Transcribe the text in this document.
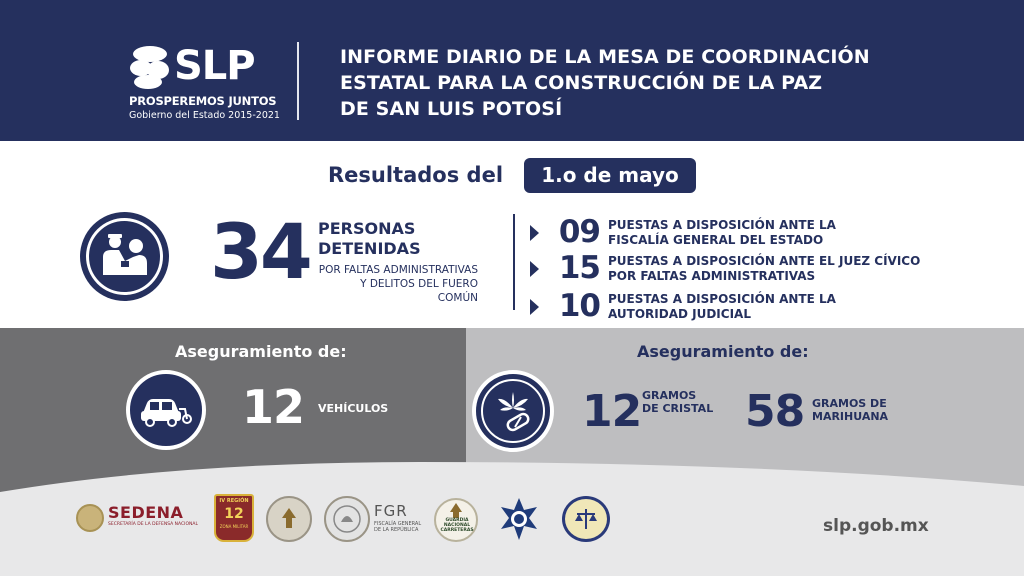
SLP
PROSPEREMOS JUNTOS
Gobierno del Estado 2015-2021
INFORME DIARIO DE LA MESA DE COORDINACIÓN
ESTATAL PARA LA CONSTRUCCIÓN DE LA PAZ
DE SAN LUIS POTOSÍ
Resultados del	1.o de mayo
34 PERSONAS
DETENIDAS
POR FALTAS ADMINISTRATIVAS
Y DELITOS DEL FUERO COMÚN
09 PUESTAS A DISPOSICIÓN ANTE LA
FISCALÍA GENERAL DEL ESTADO
15 PUESTAS A DISPOSICIÓN ANTE EL JUEZ CÍVICO
POR FALTAS ADMINISTRATIVAS
10 PUESTAS A DISPOSICIÓN ANTE LA
AUTORIDAD JUDICIAL
Aseguramiento de:
12 VEHÍCULOS
Aseguramiento de:
12 GRAMOS
DE CRISTAL 58 GRAMOS DE
MARIHUANA
SEDENA
SECRETARÍA DE LA DEFENSA NACIONAL
IV REGIÓN
12
ZONA MILITAR
FGR
FISCALÍA GENERAL
DE LA REPÚBLICA
GUARDIA
NACIONAL
CARRETERAS	slp.gob.mx
